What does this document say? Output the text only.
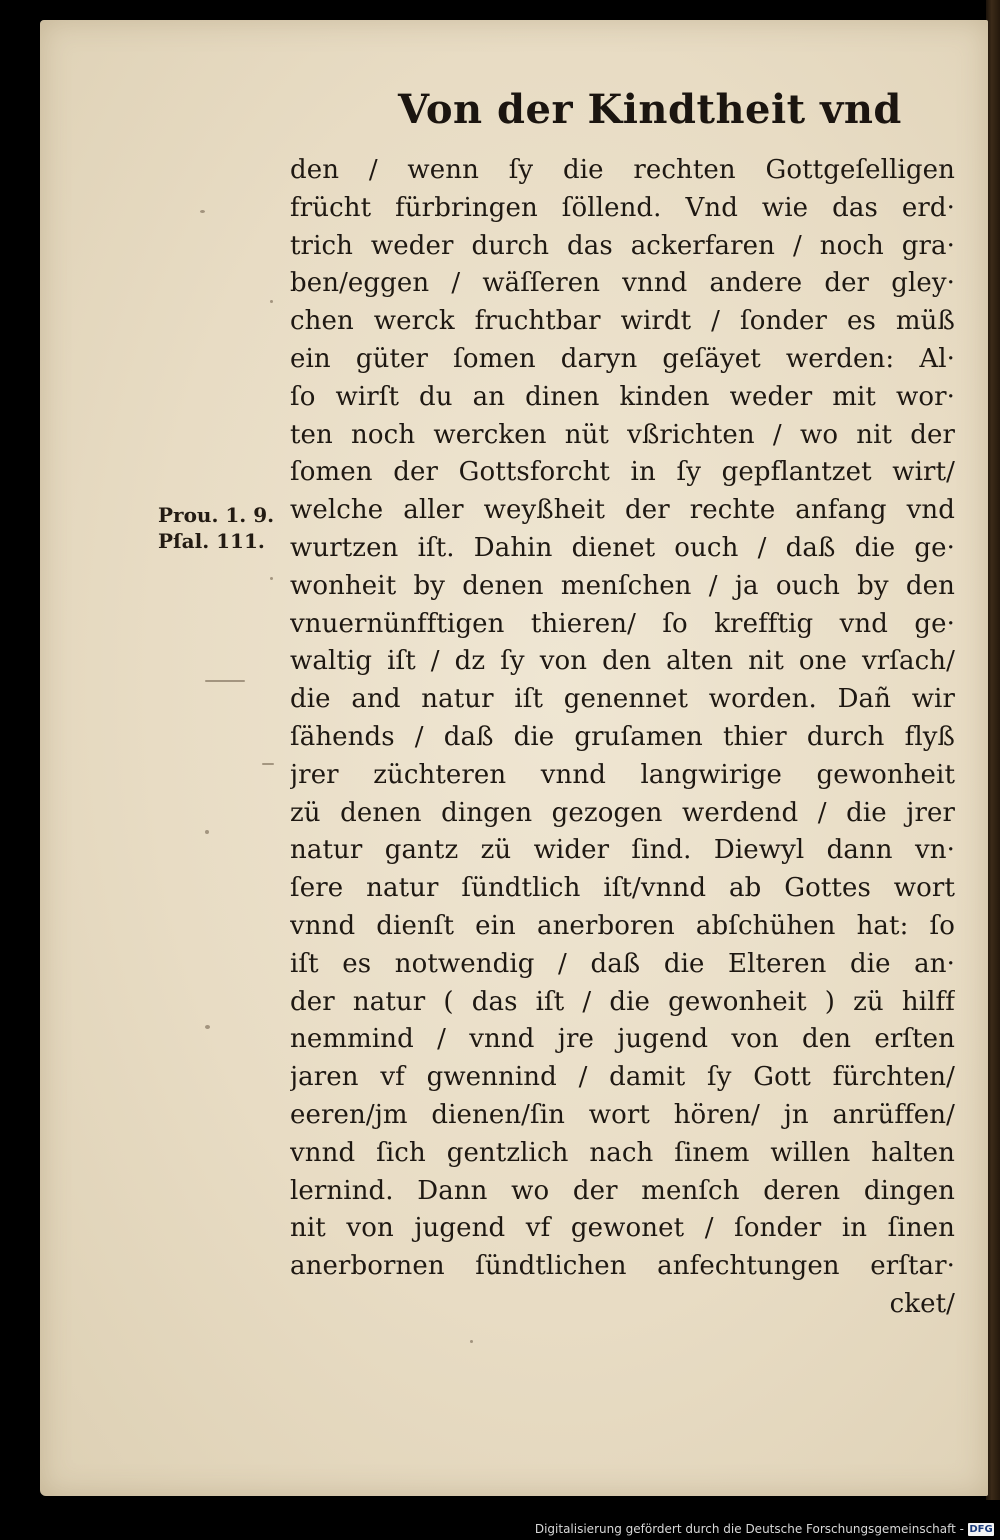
Von der Kindtheit vnd
Prou. 1. 9.
Pſal. 111.
den / wenn ſy die rechten Gottgeſelligen
frücht fürbringen ſöllend. Vnd wie das erd·
trich weder durch das ackerfaren / noch gra·
ben/eggen / wäſſeren vnnd andere der gley·
chen werck fruchtbar wirdt / ſonder es müß
ein güter ſomen daryn geſäyet werden: Al·
ſo wirſt du an dinen kinden weder mit wor·
ten noch wercken nüt vßrichten / wo nit der
ſomen der Gottsforcht in ſy gepflantzet wirt/
welche aller weyßheit der rechte anfang vnd
wurtzen iſt. Dahin dienet ouch / daß die ge·
wonheit by denen menſchen / ja ouch by den
vnuernünfftigen thieren/ ſo krefftig vnd ge·
waltig iſt / dz ſy von den alten nit one vrſach/
die and natur iſt genennet worden. Dañ wir
ſähends / daß die gruſamen thier durch flyß
jrer züchteren vnnd langwirige gewonheit
zü denen dingen gezogen werdend / die jrer
natur gantz zü wider ſind. Diewyl dann vn·
ſere natur ſündtlich iſt/vnnd ab Gottes wort
vnnd dienſt ein anerboren abſchühen hat: ſo
iſt es notwendig / daß die Elteren die an·
der natur ( das iſt / die gewonheit ) zü hilff
nemmind / vnnd jre jugend von den erſten
jaren vf gwennind / damit ſy Gott fürchten/
eeren/jm dienen/ſin wort hören/ jn anrüffen/
vnnd ſich gentzlich nach ſinem willen halten
lernind. Dann wo der menſch deren dingen
nit von jugend vf gewonet / ſonder in ſinen
anerbornen ſündtlichen anfechtungen erſtar·
cket/
Digitalisierung gefördert durch die Deutsche Forschungsgemeinschaft - DFG
